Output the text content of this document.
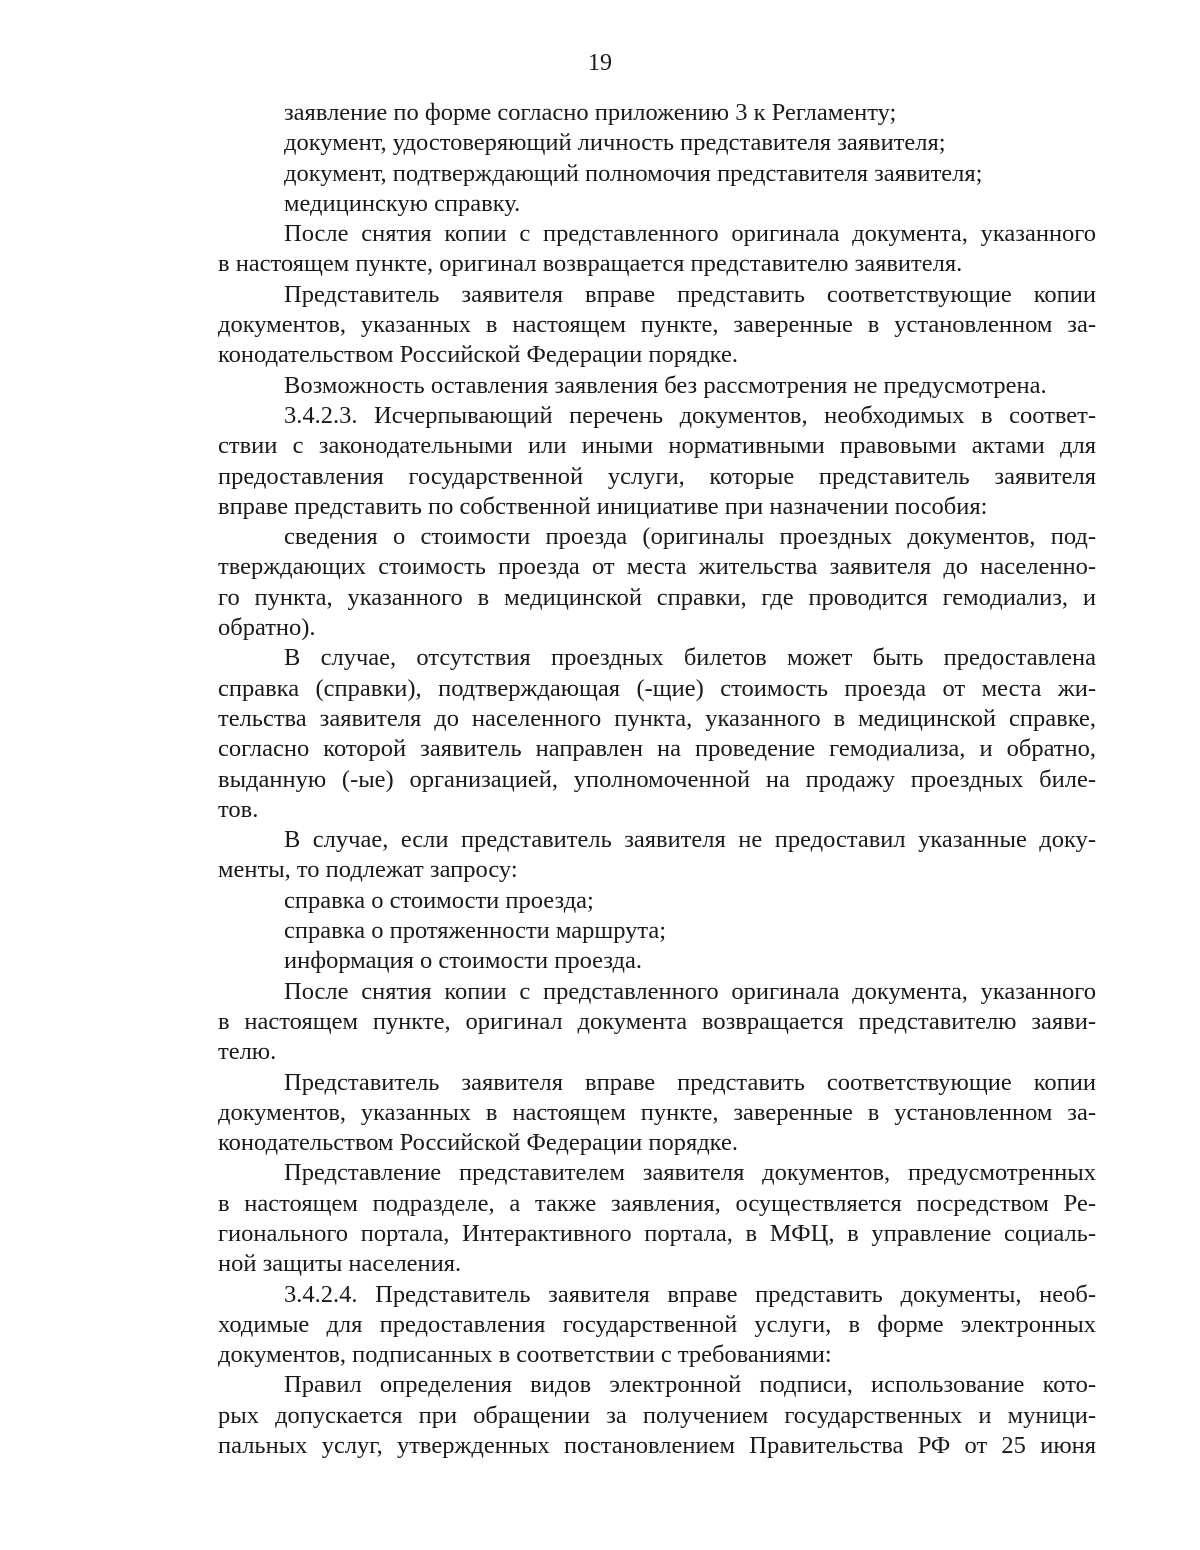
19
заявление по форме согласно приложению 3 к Регламенту;
документ, удостоверяющий личность представителя заявителя;
документ, подтверждающий полномочия представителя заявителя;
медицинскую справку.
После снятия копии с представленного оригинала документа, указанного
в настоящем пункте, оригинал возвращается представителю заявителя.
Представитель заявителя вправе представить соответствующие копии
документов, указанных в настоящем пункте, заверенные в установленном за-
конодательством Российской Федерации порядке.
Возможность оставления заявления без рассмотрения не предусмотрена.
3.4.2.3. Исчерпывающий перечень документов, необходимых в соответ-
ствии с законодательными или иными нормативными правовыми актами для
предоставления государственной услуги, которые представитель заявителя
вправе представить по собственной инициативе при назначении пособия:
сведения о стоимости проезда (оригиналы проездных документов, под-
тверждающих стоимость проезда от места жительства заявителя до населенно-
го пункта, указанного в медицинской справки, где проводится гемодиализ, и
обратно).
В случае, отсутствия проездных билетов может быть предоставлена
справка (справки), подтверждающая (-щие) стоимость проезда от места жи-
тельства заявителя до населенного пункта, указанного в медицинской справке,
согласно которой заявитель направлен на проведение гемодиализа, и обратно,
выданную (-ые) организацией, уполномоченной на продажу проездных биле-
тов.
В случае, если представитель заявителя не предоставил указанные доку-
менты, то подлежат запросу:
справка о стоимости проезда;
справка о протяженности маршрута;
информация о стоимости проезда.
После снятия копии с представленного оригинала документа, указанного
в настоящем пункте, оригинал документа возвращается представителю заяви-
телю.
Представитель заявителя вправе представить соответствующие копии
документов, указанных в настоящем пункте, заверенные в установленном за-
конодательством Российской Федерации порядке.
Представление представителем заявителя документов, предусмотренных
в настоящем подразделе, а также заявления, осуществляется посредством Ре-
гионального портала, Интерактивного портала, в МФЦ, в управление социаль-
ной защиты населения.
3.4.2.4. Представитель заявителя вправе представить документы, необ-
ходимые для предоставления государственной услуги, в форме электронных
документов, подписанных в соответствии с требованиями:
Правил определения видов электронной подписи, использование кото-
рых допускается при обращении за получением государственных и муници-
пальных услуг, утвержденных постановлением Правительства РФ от 25 июня
